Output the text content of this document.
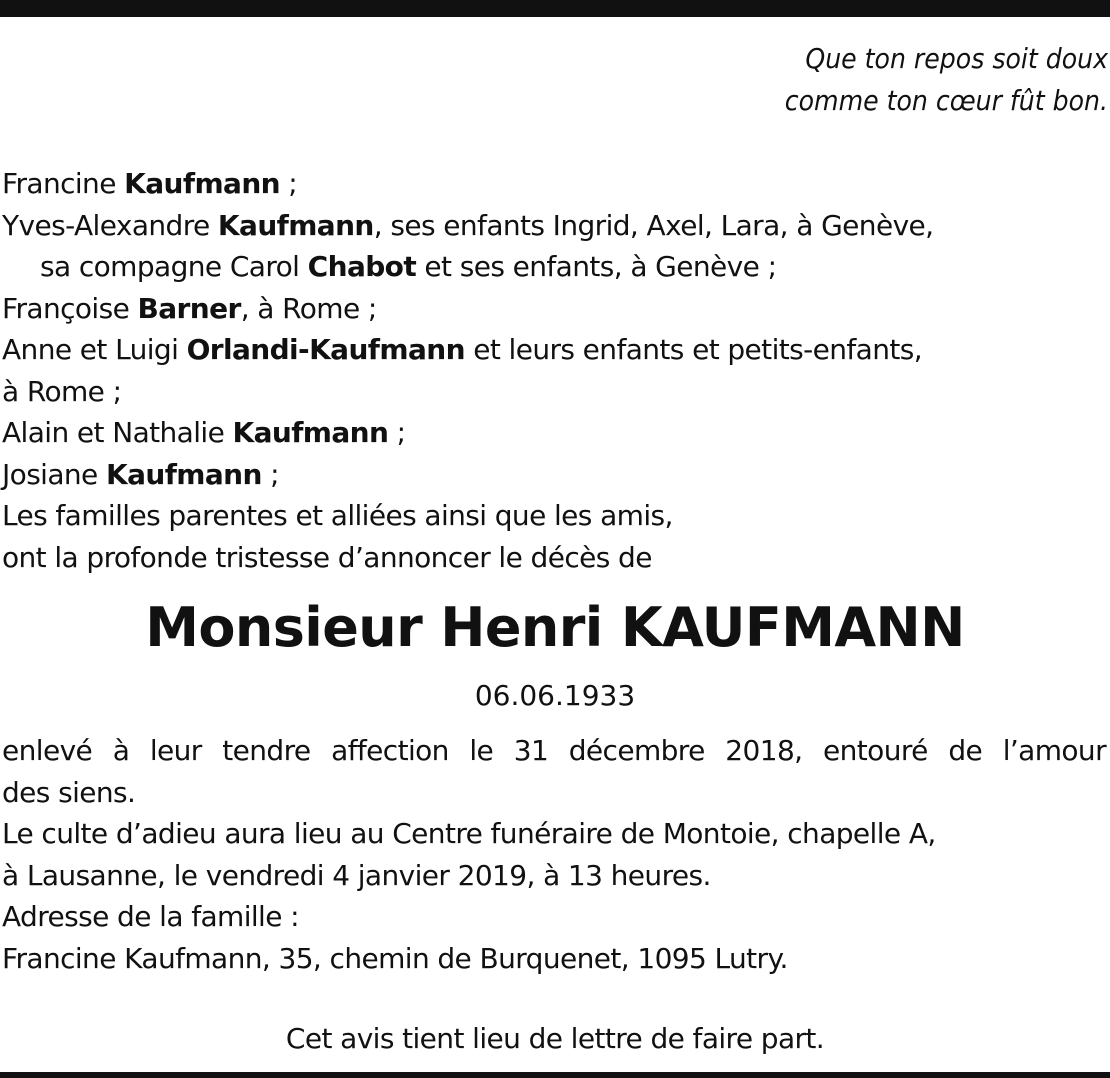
Que ton repos soit doux
comme ton cœur fût bon.
Francine Kaufmann ;
Yves-Alexandre Kaufmann, ses enfants Ingrid, Axel, Lara, à Genève,
sa compagne Carol Chabot et ses enfants, à Genève ;
Françoise Barner, à Rome ;
Anne et Luigi Orlandi-Kaufmann et leurs enfants et petits-enfants,
à Rome ;
Alain et Nathalie Kaufmann ;
Josiane Kaufmann ;
Les familles parentes et alliées ainsi que les amis,
ont la profonde tristesse d’annoncer le décès de
Monsieur Henri KAUFMANN
06.06.1933
enlevé à leur tendre affection le 31 décembre 2018, entouré de l’amour
des siens.
Le culte d’adieu aura lieu au Centre funéraire de Montoie, chapelle A,
à Lausanne, le vendredi 4 janvier 2019, à 13 heures.
Adresse de la famille :
Francine Kaufmann, 35, chemin de Burquenet, 1095 Lutry.
Cet avis tient lieu de lettre de faire part.
